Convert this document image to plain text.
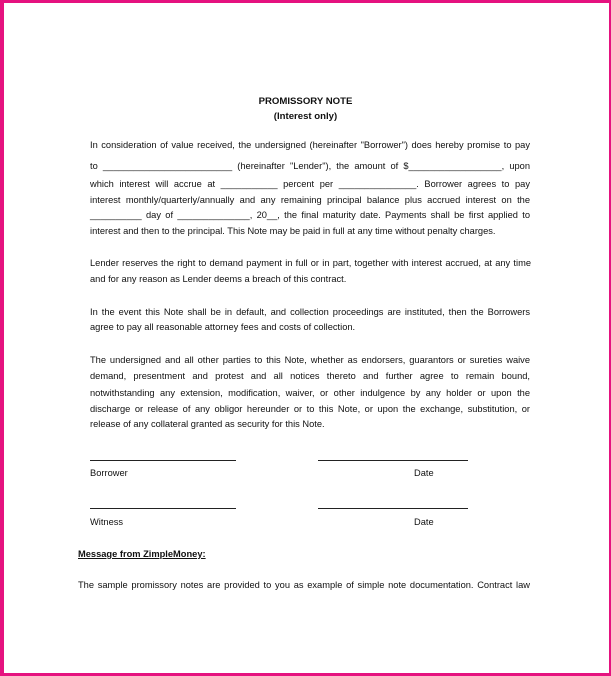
PROMISSORY NOTE
(Interest only)
In consideration of value received, the undersigned (hereinafter "Borrower") does hereby promise to pay
to _________________________ (hereinafter "Lender"), the amount of $__________________, upon
which interest will accrue at ___________ percent per _______________. Borrower agrees to pay
interest monthly/quarterly/annually and any remaining principal balance plus accrued interest on the
__________ day of ______________, 20__, the final maturity date. Payments shall be first applied to
interest and then to the principal. This Note may be paid in full at any time without penalty charges.
Lender reserves the right to demand payment in full or in part, together with interest accrued, at any time
and for any reason as Lender deems a breach of this contract.
In the event this Note shall be in default, and collection proceedings are instituted, then the Borrowers
agree to pay all reasonable attorney fees and costs of collection.
The undersigned and all other parties to this Note, whether as endorsers, guarantors or sureties waive
demand, presentment and protest and all notices thereto and further agree to remain bound,
notwithstanding any extension, modification, waiver, or other indulgence by any holder or upon the
discharge or release of any obligor hereunder or to this Note, or upon the exchange, substitution, or
release of any collateral granted as security for this Note.
Borrower	Date
Witness	Date
Message from ZimpleMoney:
The sample promissory notes are provided to you as example of simple note documentation. Contract law
